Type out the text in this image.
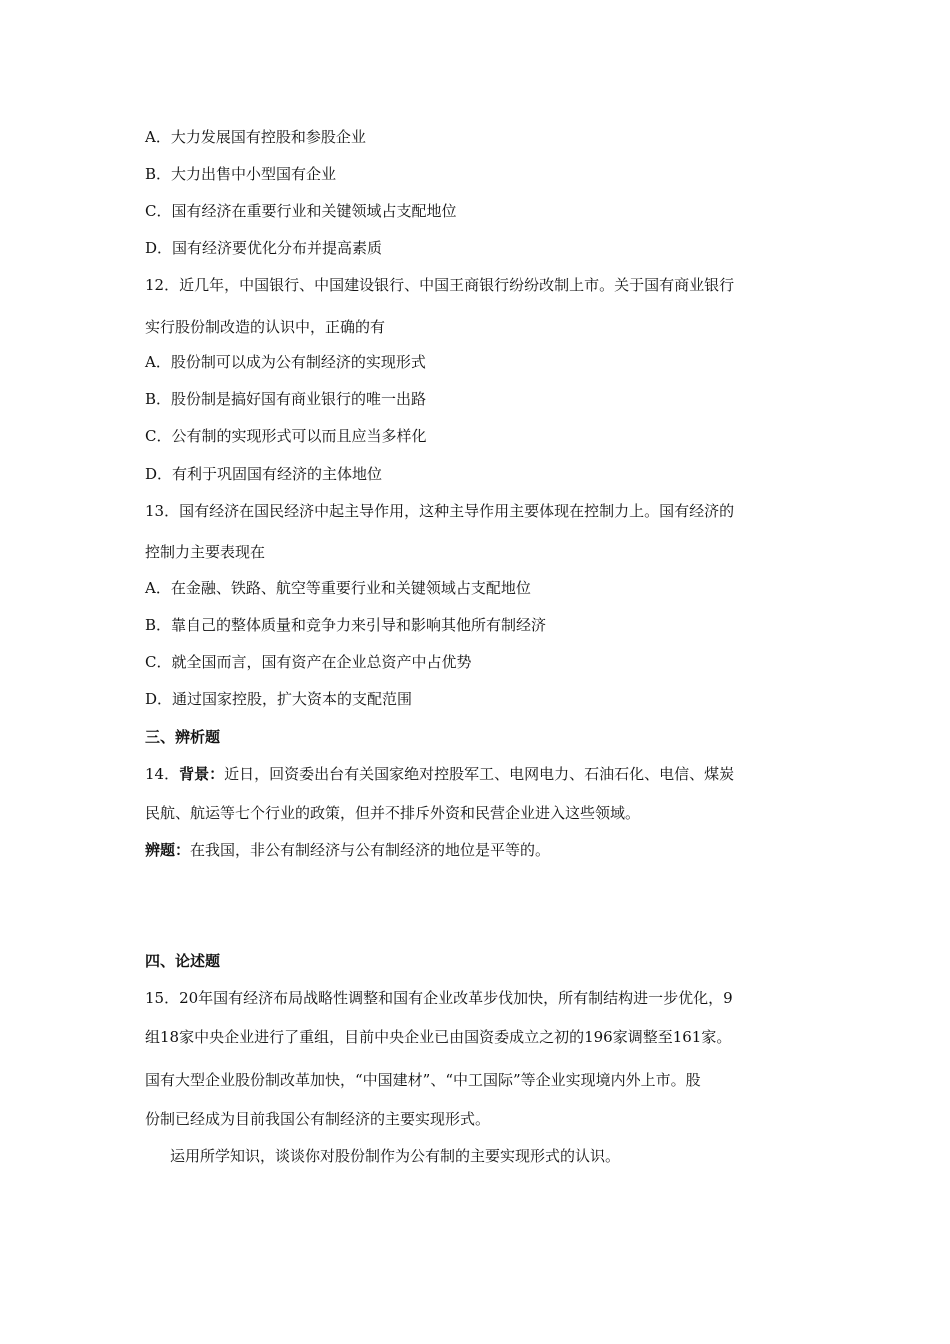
A．大力发展国有控股和参股企业
B．大力出售中小型国有企业
C．国有经济在重要行业和关键领域占支配地位
D．国有经济要优化分布并提高素质
12．近几年，中国银行、中国建设银行、中国王商银行纷纷改制上市。关于国有商业银行
实行股份制改造的认识中，正确的有
A．股份制可以成为公有制经济的实现形式
B．股份制是搞好国有商业银行的唯一出路
C．公有制的实现形式可以而且应当多样化
D．有利于巩固国有经济的主体地位
13．国有经济在国民经济中起主导作用，这种主导作用主要体现在控制力上。国有经济的
控制力主要表现在
A．在金融、铁路、航空等重要行业和关键领域占支配地位
B．靠自己的整体质量和竞争力来引导和影响其他所有制经济
C．就全国而言，国有资产在企业总资产中占优势
D．通过国家控股，扩大资本的支配范围
三、辨析题
14．背景：近日，回资委出台有关国家绝对控股军工、电网电力、石油石化、电信、煤炭
民航、航运等七个行业的政策，但并不排斥外资和民营企业进入这些领域。
辨题：在我国，非公有制经济与公有制经济的地位是平等的。
四、论述题
15．20年国有经济布局战略性调整和国有企业改革步伐加快，所有制结构进一步优化，9
组18家中央企业进行了重组，目前中央企业已由国资委成立之初的196家调整至161家。
国有大型企业股份制改革加快，“中国建材”、“中工国际”等企业实现境内外上市。股
份制已经成为目前我国公有制经济的主要实现形式。
运用所学知识，谈谈你对股份制作为公有制的主要实现形式的认识。
